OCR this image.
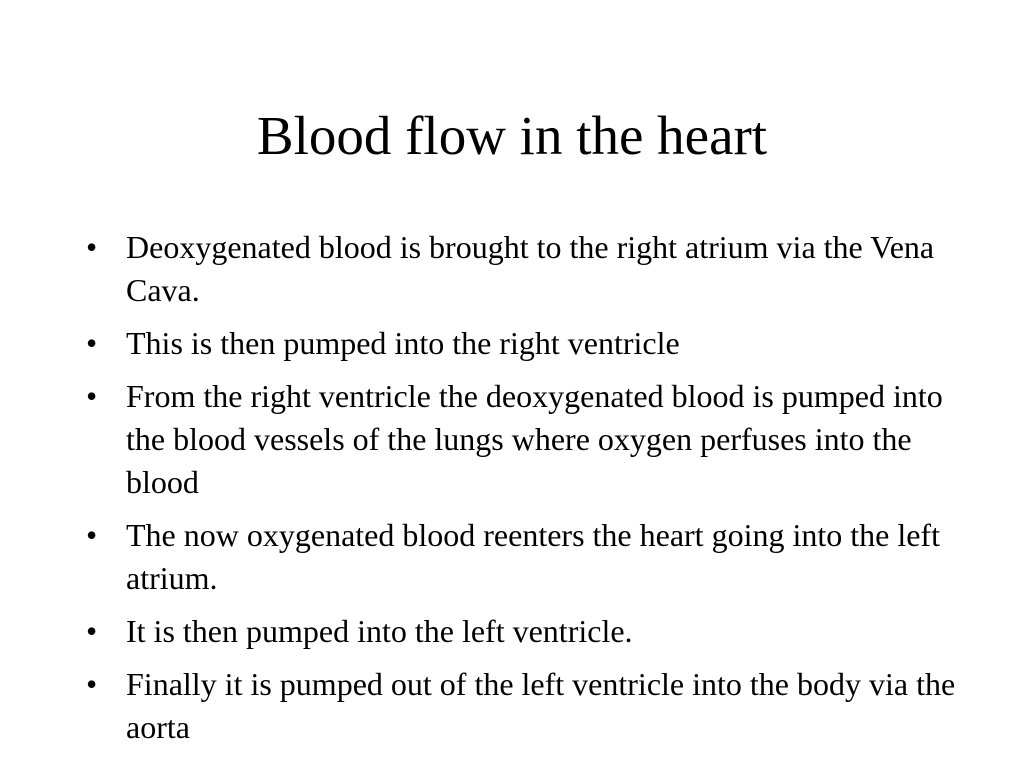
Blood flow in the heart
• Deoxygenated blood is brought to the right atrium via the Vena Cava.
• This is then pumped into the right ventricle
• From the right ventricle the deoxygenated blood is pumped into the blood vessels of the lungs where oxygen perfuses into the blood
• The now oxygenated blood reenters the heart going into the left atrium.
• It is then pumped into the left ventricle.
• Finally it is pumped out of the left ventricle into the body via the aorta
